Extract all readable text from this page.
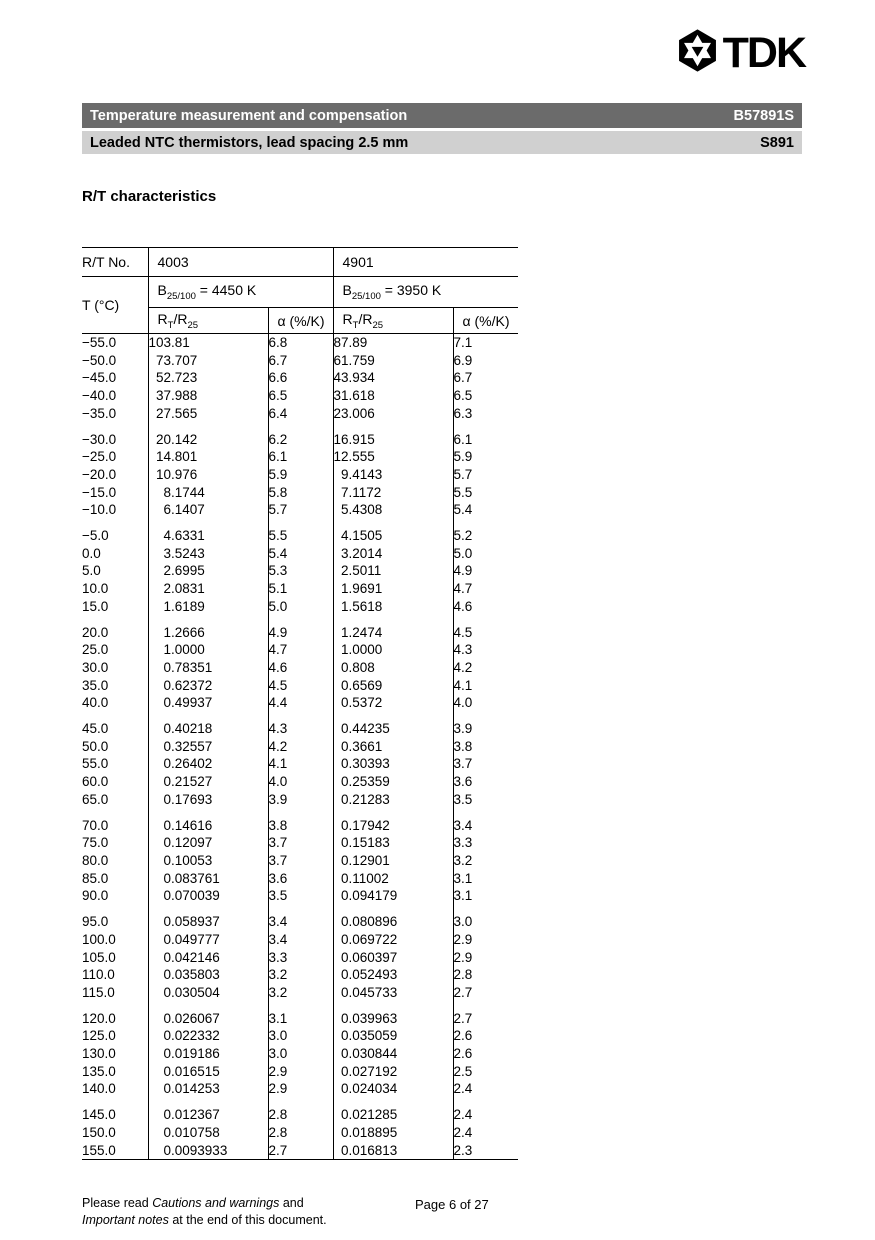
TDK
Temperature measurement and compensation	B57891S
Leaded NTC thermistors, lead spacing 2.5 mm	S891
R/T characteristics
R/T No.	4003		4901	
T (°C)	$B_{25/100} = 4450$ K		$B_{25/100} = 3950$ K	
	$R_T/R_{25}$	α (%/K)	$R_T/R_{25}$	α (%/K)
−55.0	103.81	6.8	87.89	7.1
−50.0	73.707	6.7	61.759	6.9
−45.0	52.723	6.6	43.934	6.7
−40.0	37.988	6.5	31.618	6.5
−35.0	27.565	6.4	23.006	6.3
−30.0	20.142	6.2	16.915	6.1
−25.0	14.801	6.1	12.555	5.9
−20.0	10.976	5.9	9.4143	5.7
−15.0	8.1744	5.8	7.1172	5.5
−10.0	6.1407	5.7	5.4308	5.4
−5.0	4.6331	5.5	4.1505	5.2
0.0	3.5243	5.4	3.2014	5.0
5.0	2.6995	5.3	2.5011	4.9
10.0	2.0831	5.1	1.9691	4.7
15.0	1.6189	5.0	1.5618	4.6
20.0	1.2666	4.9	1.2474	4.5
25.0	1.0000	4.7	1.0000	4.3
30.0	0.78351	4.6	0.808	4.2
35.0	0.62372	4.5	0.6569	4.1
40.0	0.49937	4.4	0.5372	4.0
45.0	0.40218	4.3	0.44235	3.9
50.0	0.32557	4.2	0.3661	3.8
55.0	0.26402	4.1	0.30393	3.7
60.0	0.21527	4.0	0.25359	3.6
65.0	0.17693	3.9	0.21283	3.5
70.0	0.14616	3.8	0.17942	3.4
75.0	0.12097	3.7	0.15183	3.3
80.0	0.10053	3.7	0.12901	3.2
85.0	0.083761	3.6	0.11002	3.1
90.0	0.070039	3.5	0.094179	3.1
95.0	0.058937	3.4	0.080896	3.0
100.0	0.049777	3.4	0.069722	2.9
105.0	0.042146	3.3	0.060397	2.9
110.0	0.035803	3.2	0.052493	2.8
115.0	0.030504	3.2	0.045733	2.7
120.0	0.026067	3.1	0.039963	2.7
125.0	0.022332	3.0	0.035059	2.6
130.0	0.019186	3.0	0.030844	2.6
135.0	0.016515	2.9	0.027192	2.5
140.0	0.014253	2.9	0.024034	2.4
145.0	0.012367	2.8	0.021285	2.4
150.0	0.010758	2.8	0.018895	2.4
155.0	0.0093933	2.7	0.016813	2.3
Please read Cautions and warnings and
Important notes at the end of this document.
Page 6 of 27
